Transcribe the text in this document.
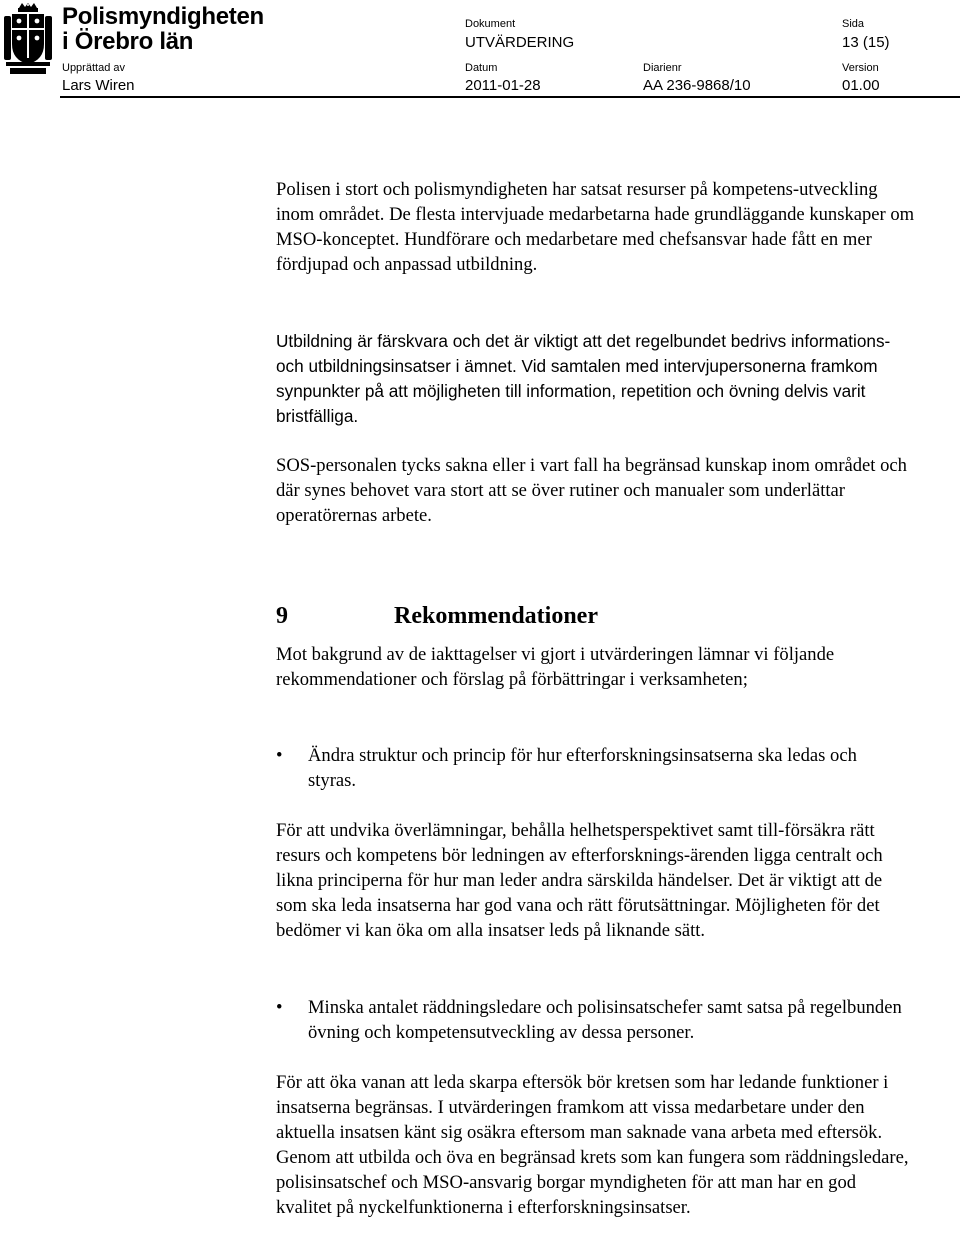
Polismyndigheten
i Örebro län
Dokument
UTVÄRDERING
Sida
13 (15)
Upprättad av
Lars Wiren
Datum
2011-01-28
Diarienr
AA 236-9868/10
Version
01.00

Polisen i stort och polismyndigheten har satsat resurser på kompetens-utveckling inom området. De flesta intervjuade medarbetarna hade grundläggande kunskaper om MSO-konceptet. Hundförare och medarbetare med chefsansvar hade fått en mer fördjupad och anpassad utbildning.

Utbildning är färskvara och det är viktigt att det regelbundet bedrivs informations- och utbildningsinsatser i ämnet. Vid samtalen med intervjupersonerna framkom synpunkter på att möjligheten till information, repetition och övning delvis varit bristfälliga.

SOS-personalen tycks sakna eller i vart fall ha begränsad kunskap inom området och där synes behovet vara stort att se över rutiner och manualer som underlättar operatörernas arbete.

9	Rekommendationer

Mot bakgrund av de iakttagelser vi gjort i utvärderingen lämnar vi följande rekommendationer och förslag på förbättringar i verksamheten;

• Ändra struktur och princip för hur efterforskningsinsatserna ska ledas och styras.

För att undvika överlämningar, behålla helhetsperspektivet samt till-försäkra rätt resurs och kompetens bör ledningen av efterforsknings-ärenden ligga centralt och likna principerna för hur man leder andra särskilda händelser. Det är viktigt att de som ska leda insatserna har god vana och rätt förutsättningar. Möjligheten för det bedömer vi kan öka om alla insatser leds på liknande sätt.

• Minska antalet räddningsledare och polisinsatschefer samt satsa på regelbunden övning och kompetensutveckling av dessa personer.

För att öka vanan att leda skarpa eftersök bör kretsen som har ledande funktioner i insatserna begränsas. I utvärderingen framkom att vissa medarbetare under den aktuella insatsen känt sig osäkra eftersom man saknade vana arbeta med eftersök. Genom att utbilda och öva en begränsad krets som kan fungera som räddningsledare, polisinsatschef och MSO-ansvarig borgar myndigheten för att man har en god kvalitet på nyckelfunktionerna i efterforskningsinsatser.
